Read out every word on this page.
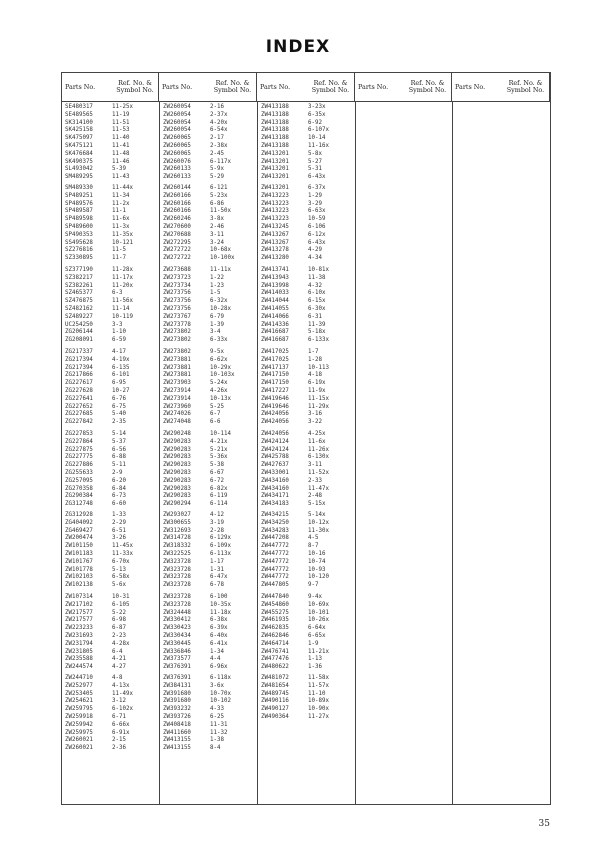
INDEX
Parts No.	Ref. No. & Symbol No.	Parts No.	Ref. No. & Symbol No.	Parts No.	Ref. No. & Symbol No.	Parts No.	Ref. No. & Symbol No.	Parts No.	Ref. No. & Symbol No.
SE480317	11-25x	ZW260054	2-16	ZW413188	3-23x
SE489565	11-19	ZW260054	2-37x	ZW413188	6-35x
SK314100	11-51	ZW260054	4-20x	ZW413188	6-92
SK425158	11-53	ZW260054	6-54x	ZW413188	6-107x
SK475097	11-40	ZW260065	2-17	ZW413188	10-14
SK475121	11-41	ZW260065	2-38x	ZW413188	11-16x
SK476684	11-48	ZW260065	2-45	ZW413201	5-8x
SK490375	11-46	ZW260076	6-117x	ZW413201	5-27
SL493042	5-39	ZW260133	5-9x	ZW413201	5-31
SM489295	11-43	ZW260133	5-29	ZW413201	6-43x
SM489330	11-44x	ZW260144	6-121	ZW413201	6-37x
SP489251	11-34	ZW260166	5-23x	ZW413223	1-29
SP489576	11-2x	ZW260166	6-86	ZW413223	3-29
SP489587	11-1	ZW260166	11-50x	ZW413223	6-63x
SP489598	11-6x	ZW260246	3-8x	ZW413223	10-59
SP489600	11-3x	ZW270600	2-46	ZW413245	6-106
SP490353	11-35x	ZW270688	3-11	ZW413267	6-12x
SS495628	10-121	ZW272295	3-24	ZW413267	6-43x
SZ276816	11-5	ZW272722	10-68x	ZW413278	4-29
SZ330895	11-7	ZW272722	10-100x	ZW413280	4-34
SZ377190	11-28x	ZW273688	11-11x	ZW413741	10-81x
SZ382217	11-17x	ZW273723	1-22	ZW413943	11-38
SZ382261	11-20x	ZW273734	1-23	ZW413998	4-32
SZ465377	6-3	ZW273756	1-5	ZW414033	6-10x
SZ476875	11-56x	ZW273756	6-32x	ZW414044	6-15x
SZ482162	11-14	ZW273756	10-28x	ZW414055	6-30x
SZ489227	10-119	ZW273767	6-79	ZW414066	6-31
UC254250	3-3	ZW273778	1-39	ZW414336	11-39
ZG206144	1-10	ZW273802	3-4	ZW416687	5-18x
ZG208091	6-59	ZW273802	6-33x	ZW416687	6-133x
ZG217337	4-17	ZW273802	9-5x	ZW417025	1-7
ZG217394	4-19x	ZW273881	6-62x	ZW417025	1-28
ZG217394	6-135	ZW273881	10-29x	ZW417137	10-113
ZG217866	6-101	ZW273881	10-103x	ZW417150	4-18
ZG227617	6-95	ZW273903	5-24x	ZW417150	6-19x
ZG227628	10-27	ZW273914	4-26x	ZW417227	11-9x
ZG227641	6-76	ZW273914	10-13x	ZW419646	11-15x
ZG227652	6-75	ZW273960	5-25	ZW419646	11-29x
ZG227685	5-40	ZW274026	6-7	ZW424056	3-16
ZG227842	2-35	ZW274048	6-6	ZW424056	3-22
ZG227853	5-14	ZW290248	10-114	ZW424056	4-25x
ZG227864	5-37	ZW290283	4-21x	ZW424124	11-6x
ZG227875	6-56	ZW290283	5-21x	ZW424124	11-26x
ZG227775	6-88	ZW290283	5-36x	ZW425788	6-130x
ZG227886	5-11	ZW290283	5-38	ZW427637	3-11
ZG255633	2-9	ZW290283	6-67	ZW433001	11-52x
ZG257095	6-20	ZW290283	6-72	ZW434160	2-33
ZG270358	6-84	ZW290283	6-82x	ZW434160	11-47x
ZG290384	6-73	ZW290283	6-119	ZW434171	2-48
ZG312748	6-60	ZW290294	6-114	ZW434183	5-15x
ZG312928	1-33	ZW293027	4-12	ZW434215	5-14x
ZG404092	2-29	ZW300655	3-19	ZW434250	10-12x
ZG469427	6-51	ZW312693	2-28	ZW434283	11-30x
ZW200474	3-26	ZW314728	6-129x	ZW447208	4-5
ZW101150	11-45x	ZW318332	6-109x	ZW447772	8-7
ZW101183	11-33x	ZW322525	6-113x	ZW447772	10-16
ZW101767	6-70x	ZW323728	1-17	ZW447772	10-74
ZW101778	5-13	ZW323728	1-31	ZW447772	10-93
ZW102103	6-58x	ZW323728	6-47x	ZW447772	10-120
ZW102138	5-6x	ZW323728	6-78	ZW447805	9-7
ZW107314	10-31	ZW323728	6-100	ZW447840	9-4x
ZW217102	6-105	ZW323728	10-35x	ZW454860	10-69x
ZW217577	5-22	ZW324448	11-18x	ZW455275	10-101
ZW217577	6-98	ZW330412	6-38x	ZW461935	10-26x
ZW223233	6-87	ZW330423	6-39x	ZW462835	6-64x
ZW231693	2-23	ZW330434	6-40x	ZW462846	6-65x
ZW231794	4-28x	ZW330445	6-41x	ZW464714	1-9
ZW231805	6-4	ZW336846	1-34	ZW476741	11-21x
ZW235588	4-21	ZW373577	4-4	ZW477476	1-13
ZW244574	4-27	ZW376391	6-96x	ZW480622	1-36
ZW244710	4-8	ZW376391	6-118x	ZW481072	11-58x
ZW252977	4-13x	ZW384131	3-6x	ZW481654	11-57x
ZW253405	11-49x	ZW391680	10-70x	ZW489745	11-10
ZW254621	3-12	ZW391680	10-102	ZW490116	10-89x
ZW259795	6-102x	ZW393232	4-33	ZW490127	10-90x
ZW259918	6-71	ZW393726	6-25	ZW490364	11-27x
ZW259942	6-66x	ZW408418	11-31
ZW259975	6-91x	ZW411660	11-32
ZW260021	2-15	ZW413155	1-38
ZW260021	2-36	ZW413155	8-4
35
